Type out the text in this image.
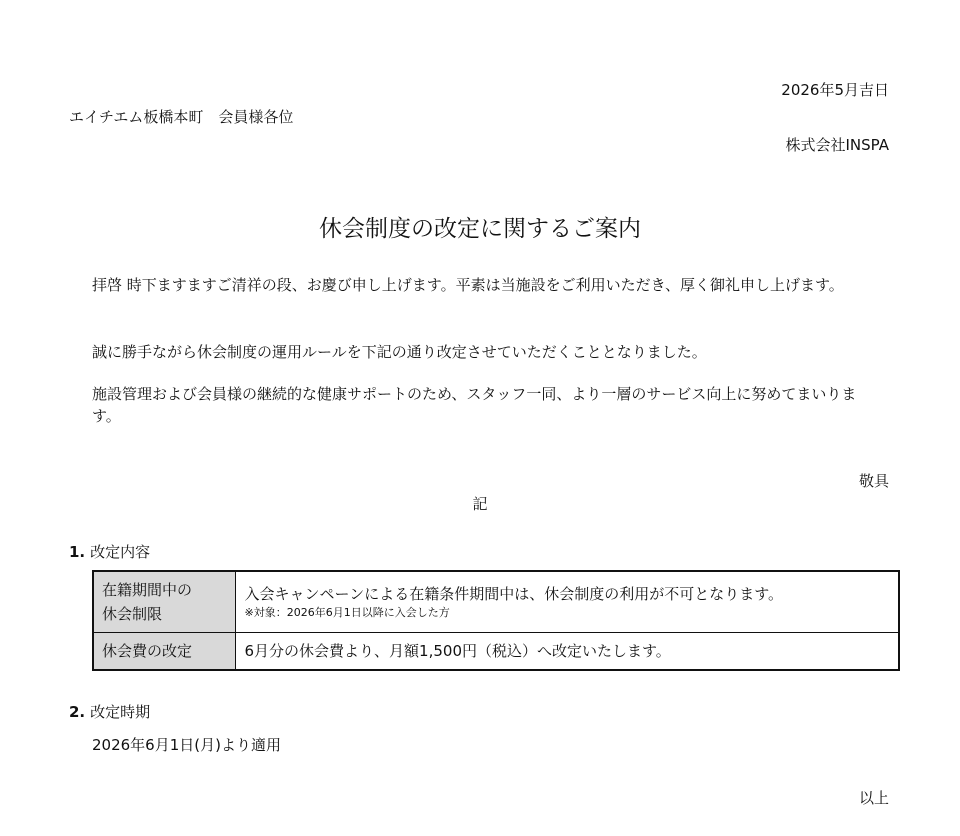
2026年5月吉日
エイチエム板橋本町　会員様各位
株式会社INSPA
休会制度の改定に関するご案内
拝啓 時下ますますご清祥の段、お慶び申し上げます。平素は当施設をご利用いただき、厚く御礼申し上げます。
誠に勝手ながら休会制度の運用ルールを下記の通り改定させていただくこととなりました。
施設管理および会員様の継続的な健康サポートのため、スタッフ一同、より一層のサービス向上に努めてまいります。
敬具
記
1. 改定内容
在籍期間中の
休会制限	入会キャンペーンによる在籍条件期間中は、休会制度の利用が不可となります。
※対象：2026年6月1日以降に入会した方

休会費の改定	6月分の休会費より、月額1,500円（税込）へ改定いたします。
2. 改定時期
2026年6月1日(月)より適用
以上
